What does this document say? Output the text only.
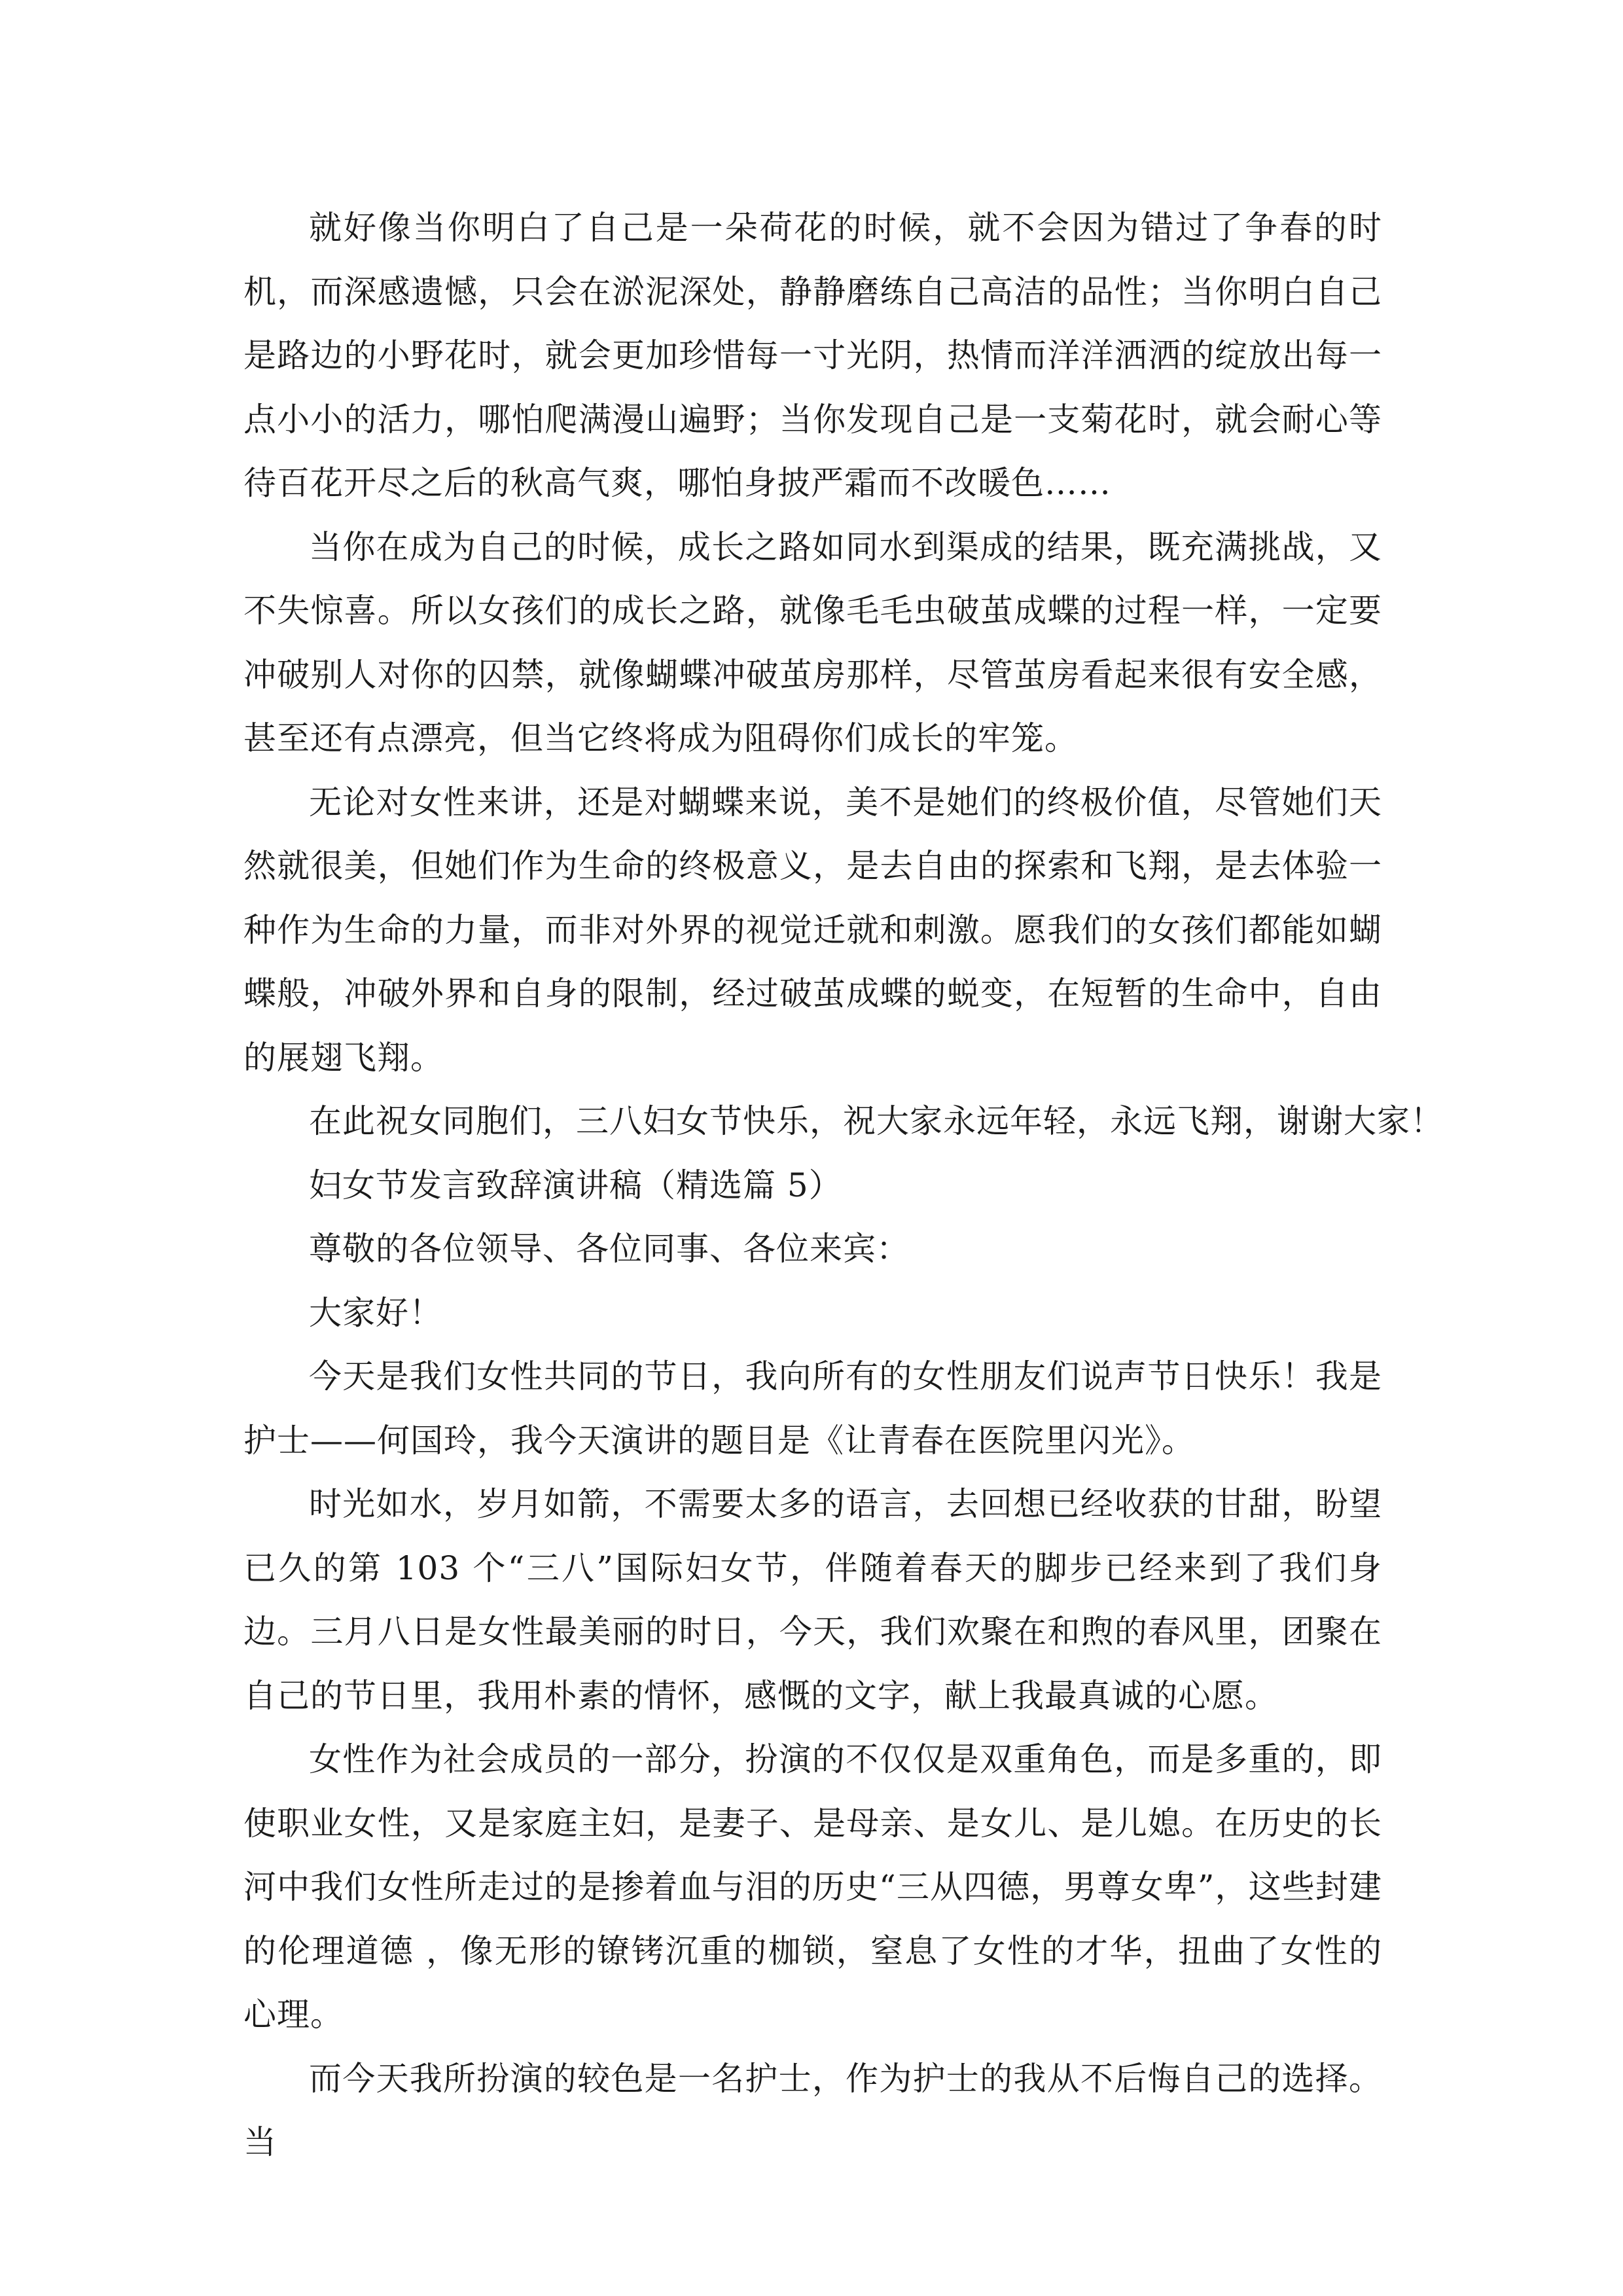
就好像当你明白了自己是一朵荷花的时候，就不会因为错过了争春的时机，而深感遗憾，只会在淤泥深处，静静磨练自己高洁的品性；当你明白自己是路边的小野花时，就会更加珍惜每一寸光阴，热情而洋洋洒洒的绽放出每一点小小的活力，哪怕爬满漫山遍野；当你发现自己是一支菊花时，就会耐心等待百花开尽之后的秋高气爽，哪怕身披严霜而不改暖色……

当你在成为自己的时候，成长之路如同水到渠成的结果，既充满挑战，又不失惊喜。所以女孩们的成长之路，就像毛毛虫破茧成蝶的过程一样，一定要冲破别人对你的囚禁，就像蝴蝶冲破茧房那样，尽管茧房看起来很有安全感，甚至还有点漂亮，但当它终将成为阻碍你们成长的牢笼。

无论对女性来讲，还是对蝴蝶来说，美不是她们的终极价值，尽管她们天然就很美，但她们作为生命的终极意义，是去自由的探索和飞翔，是去体验一种作为生命的力量，而非对外界的视觉迁就和刺激。愿我们的女孩们都能如蝴蝶般，冲破外界和自身的限制，经过破茧成蝶的蜕变，在短暂的生命中，自由的展翅飞翔。

在此祝女同胞们，三八妇女节快乐，祝大家永远年轻，永远飞翔，谢谢大家！

妇女节发言致辞演讲稿（精选篇 5）

尊敬的各位领导、各位同事、各位来宾：

大家好！

今天是我们女性共同的节日，我向所有的女性朋友们说声节日快乐！我是护士——何国玲，我今天演讲的题目是《让青春在医院里闪光》。

时光如水，岁月如箭，不需要太多的语言，去回想已经收获的甘甜，盼望已久的第 103 个“三八”国际妇女节，伴随着春天的脚步已经来到了我们身边。三月八日是女性最美丽的时日，今天，我们欢聚在和煦的春风里，团聚在自己的节日里，我用朴素的情怀，感慨的文字，献上我最真诚的心愿。

女性作为社会成员的一部分，扮演的不仅仅是双重角色，而是多重的，即使职业女性，又是家庭主妇，是妻子、是母亲、是女儿、是儿媳。在历史的长河中我们女性所走过的是掺着血与泪的历史“三从四德，男尊女卑”，这些封建的伦理道德 ，像无形的镣铐沉重的枷锁，窒息了女性的才华，扭曲了女性的心理。

而今天我所扮演的较色是一名护士，作为护士的我从不后悔自己的选择。当
